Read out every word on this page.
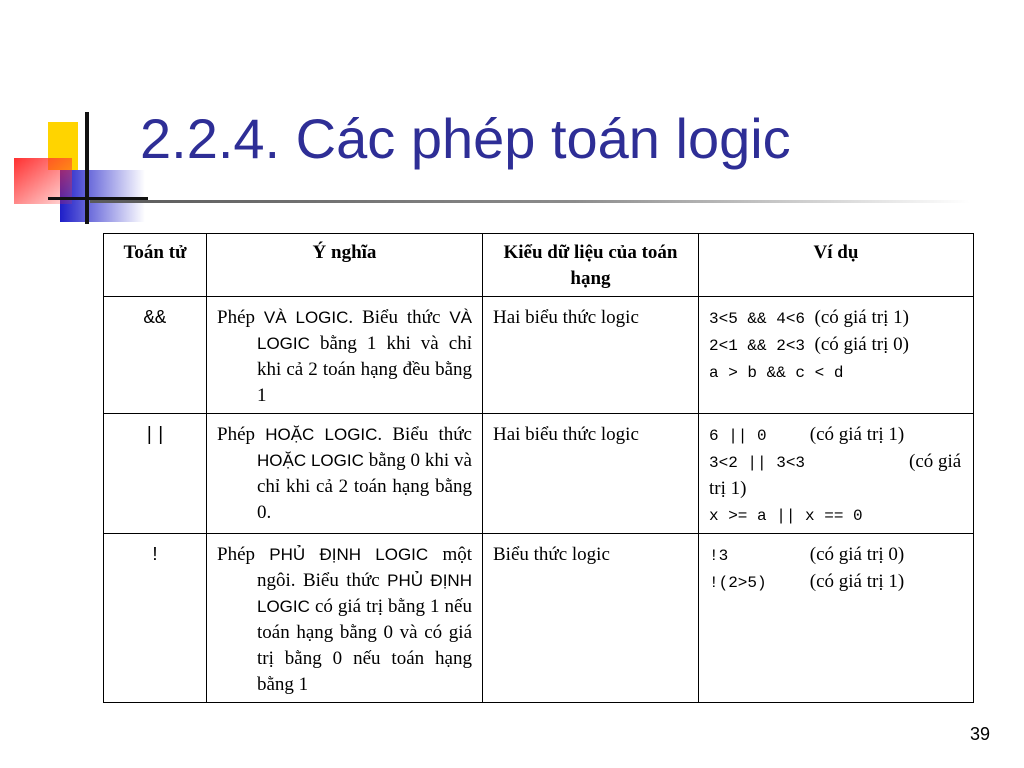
2.2.4. Các phép toán logic
Toán tử	Ý nghĩa	Kiểu dữ liệu của toán hạng	Ví dụ
&&	Phép VÀ LOGIC. Biểu thức VÀ LOGIC bằng 1 khi và chỉ khi cả 2 toán hạng đều bằng 1	Hai biểu thức logic	3<5 && 4<6 (có giá trị 1)
2<1 && 2<3 (có giá trị 0)
a > b && c < d

||	Phép HOẶC LOGIC. Biểu thức HOẶC LOGIC bằng 0 khi và chỉ khi cả 2 toán hạng bằng 0.	Hai biểu thức logic	6 || 0 (có giá trị 1)
3<2 || 3<3 (có giá trị 1)
x >= a || x == 0

!	Phép PHỦ ĐỊNH LOGIC một ngôi. Biểu thức PHỦ ĐỊNH LOGIC có giá trị bằng 1 nếu toán hạng bằng 0 và có giá trị bằng 0 nếu toán hạng bằng 1	Biểu thức logic	!3 (có giá trị 0)
!(2>5) (có giá trị 1)
39
